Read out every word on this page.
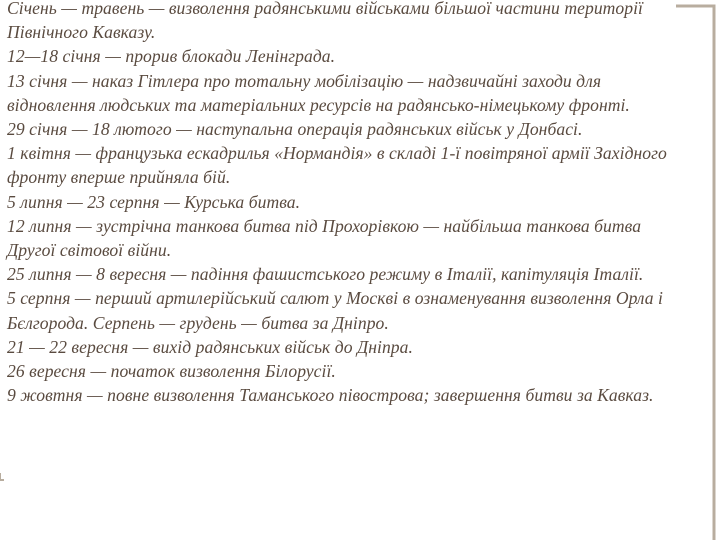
Січень — травень — визволення радянськими військами більшої частини території Північного Кавказу.

12—18 січня — прорив блокади Ленінграда.

13 січня — наказ Гітлера про тотальну мобілізацію — надзвичайні заходи для відновлення людських та матеріальних ресурсів на радянсько-німецькому фронті.

29 січня — 18 лютого — наступальна операція радянських військ у Донбасі.

1 квітня — французька ескадрилья «Нормандія» в складі 1-ї повітряної армії Західного фронту вперше прийняла бій.

5 липня — 23 серпня — Курська битва.

12 липня — зустрічна танкова битва під Прохорівкою — найбільша танкова битва Другої світової війни.

25 липня — 8 вересня — падіння фашистського режиму в Італії, капітуляція Італії.

5 серпня — перший артилерійський салют у Москві в ознаменування визволення Орла і Бєлгорода. Серпень — грудень — битва за Дніпро.

21 — 22 вересня — вихід радянських військ до Дніпра.

26 вересня — початок визволення Білорусії.

9 жовтня — повне визволення Таманського півострова; завершення битви за Кавказ.
